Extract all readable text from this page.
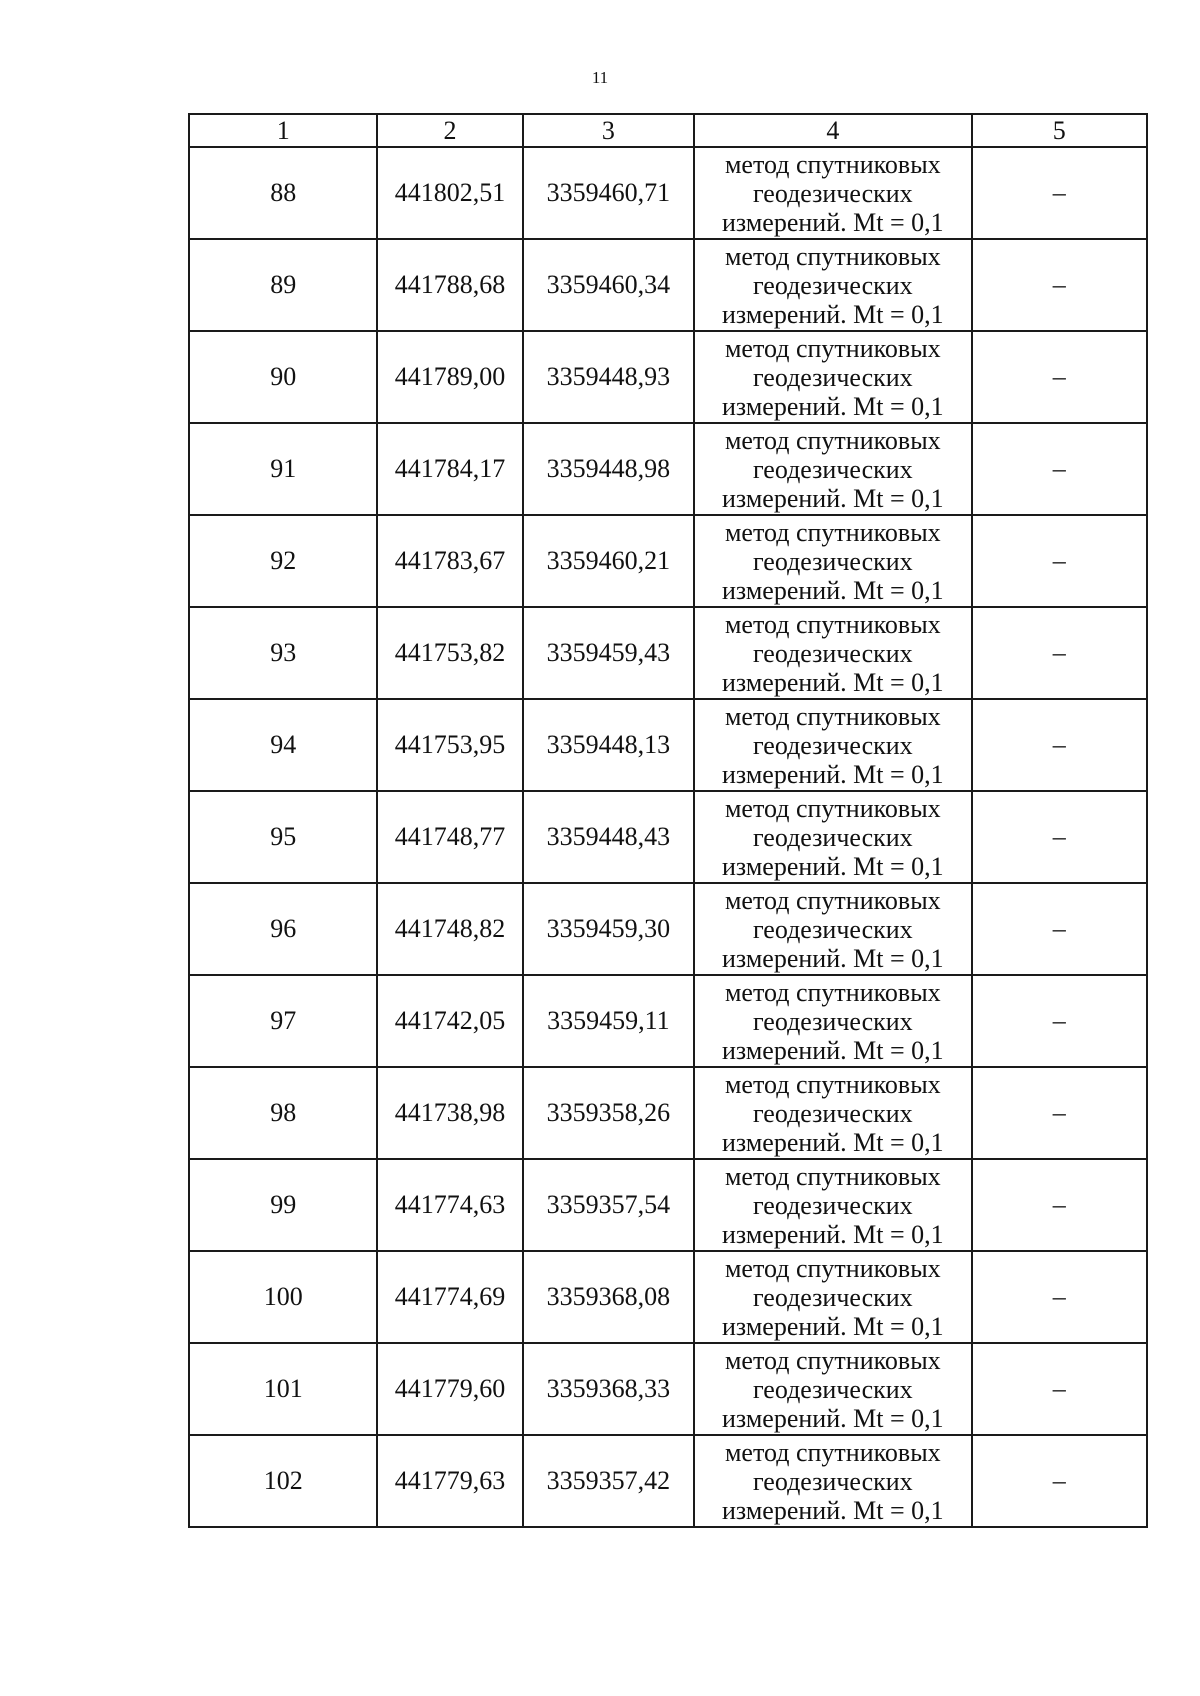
11
1	2	3	4	5
88	441802,51	3359460,71	метод спутниковых
геодезических
измерений. Mt = 0,1	–
89	441788,68	3359460,34	метод спутниковых
геодезических
измерений. Mt = 0,1	–
90	441789,00	3359448,93	метод спутниковых
геодезических
измерений. Mt = 0,1	–
91	441784,17	3359448,98	метод спутниковых
геодезических
измерений. Mt = 0,1	–
92	441783,67	3359460,21	метод спутниковых
геодезических
измерений. Mt = 0,1	–
93	441753,82	3359459,43	метод спутниковых
геодезических
измерений. Mt = 0,1	–
94	441753,95	3359448,13	метод спутниковых
геодезических
измерений. Mt = 0,1	–
95	441748,77	3359448,43	метод спутниковых
геодезических
измерений. Mt = 0,1	–
96	441748,82	3359459,30	метод спутниковых
геодезических
измерений. Mt = 0,1	–
97	441742,05	3359459,11	метод спутниковых
геодезических
измерений. Mt = 0,1	–
98	441738,98	3359358,26	метод спутниковых
геодезических
измерений. Mt = 0,1	–
99	441774,63	3359357,54	метод спутниковых
геодезических
измерений. Mt = 0,1	–
100	441774,69	3359368,08	метод спутниковых
геодезических
измерений. Mt = 0,1	–
101	441779,60	3359368,33	метод спутниковых
геодезических
измерений. Mt = 0,1	–
102	441779,63	3359357,42	метод спутниковых
геодезических
измерений. Mt = 0,1	–
